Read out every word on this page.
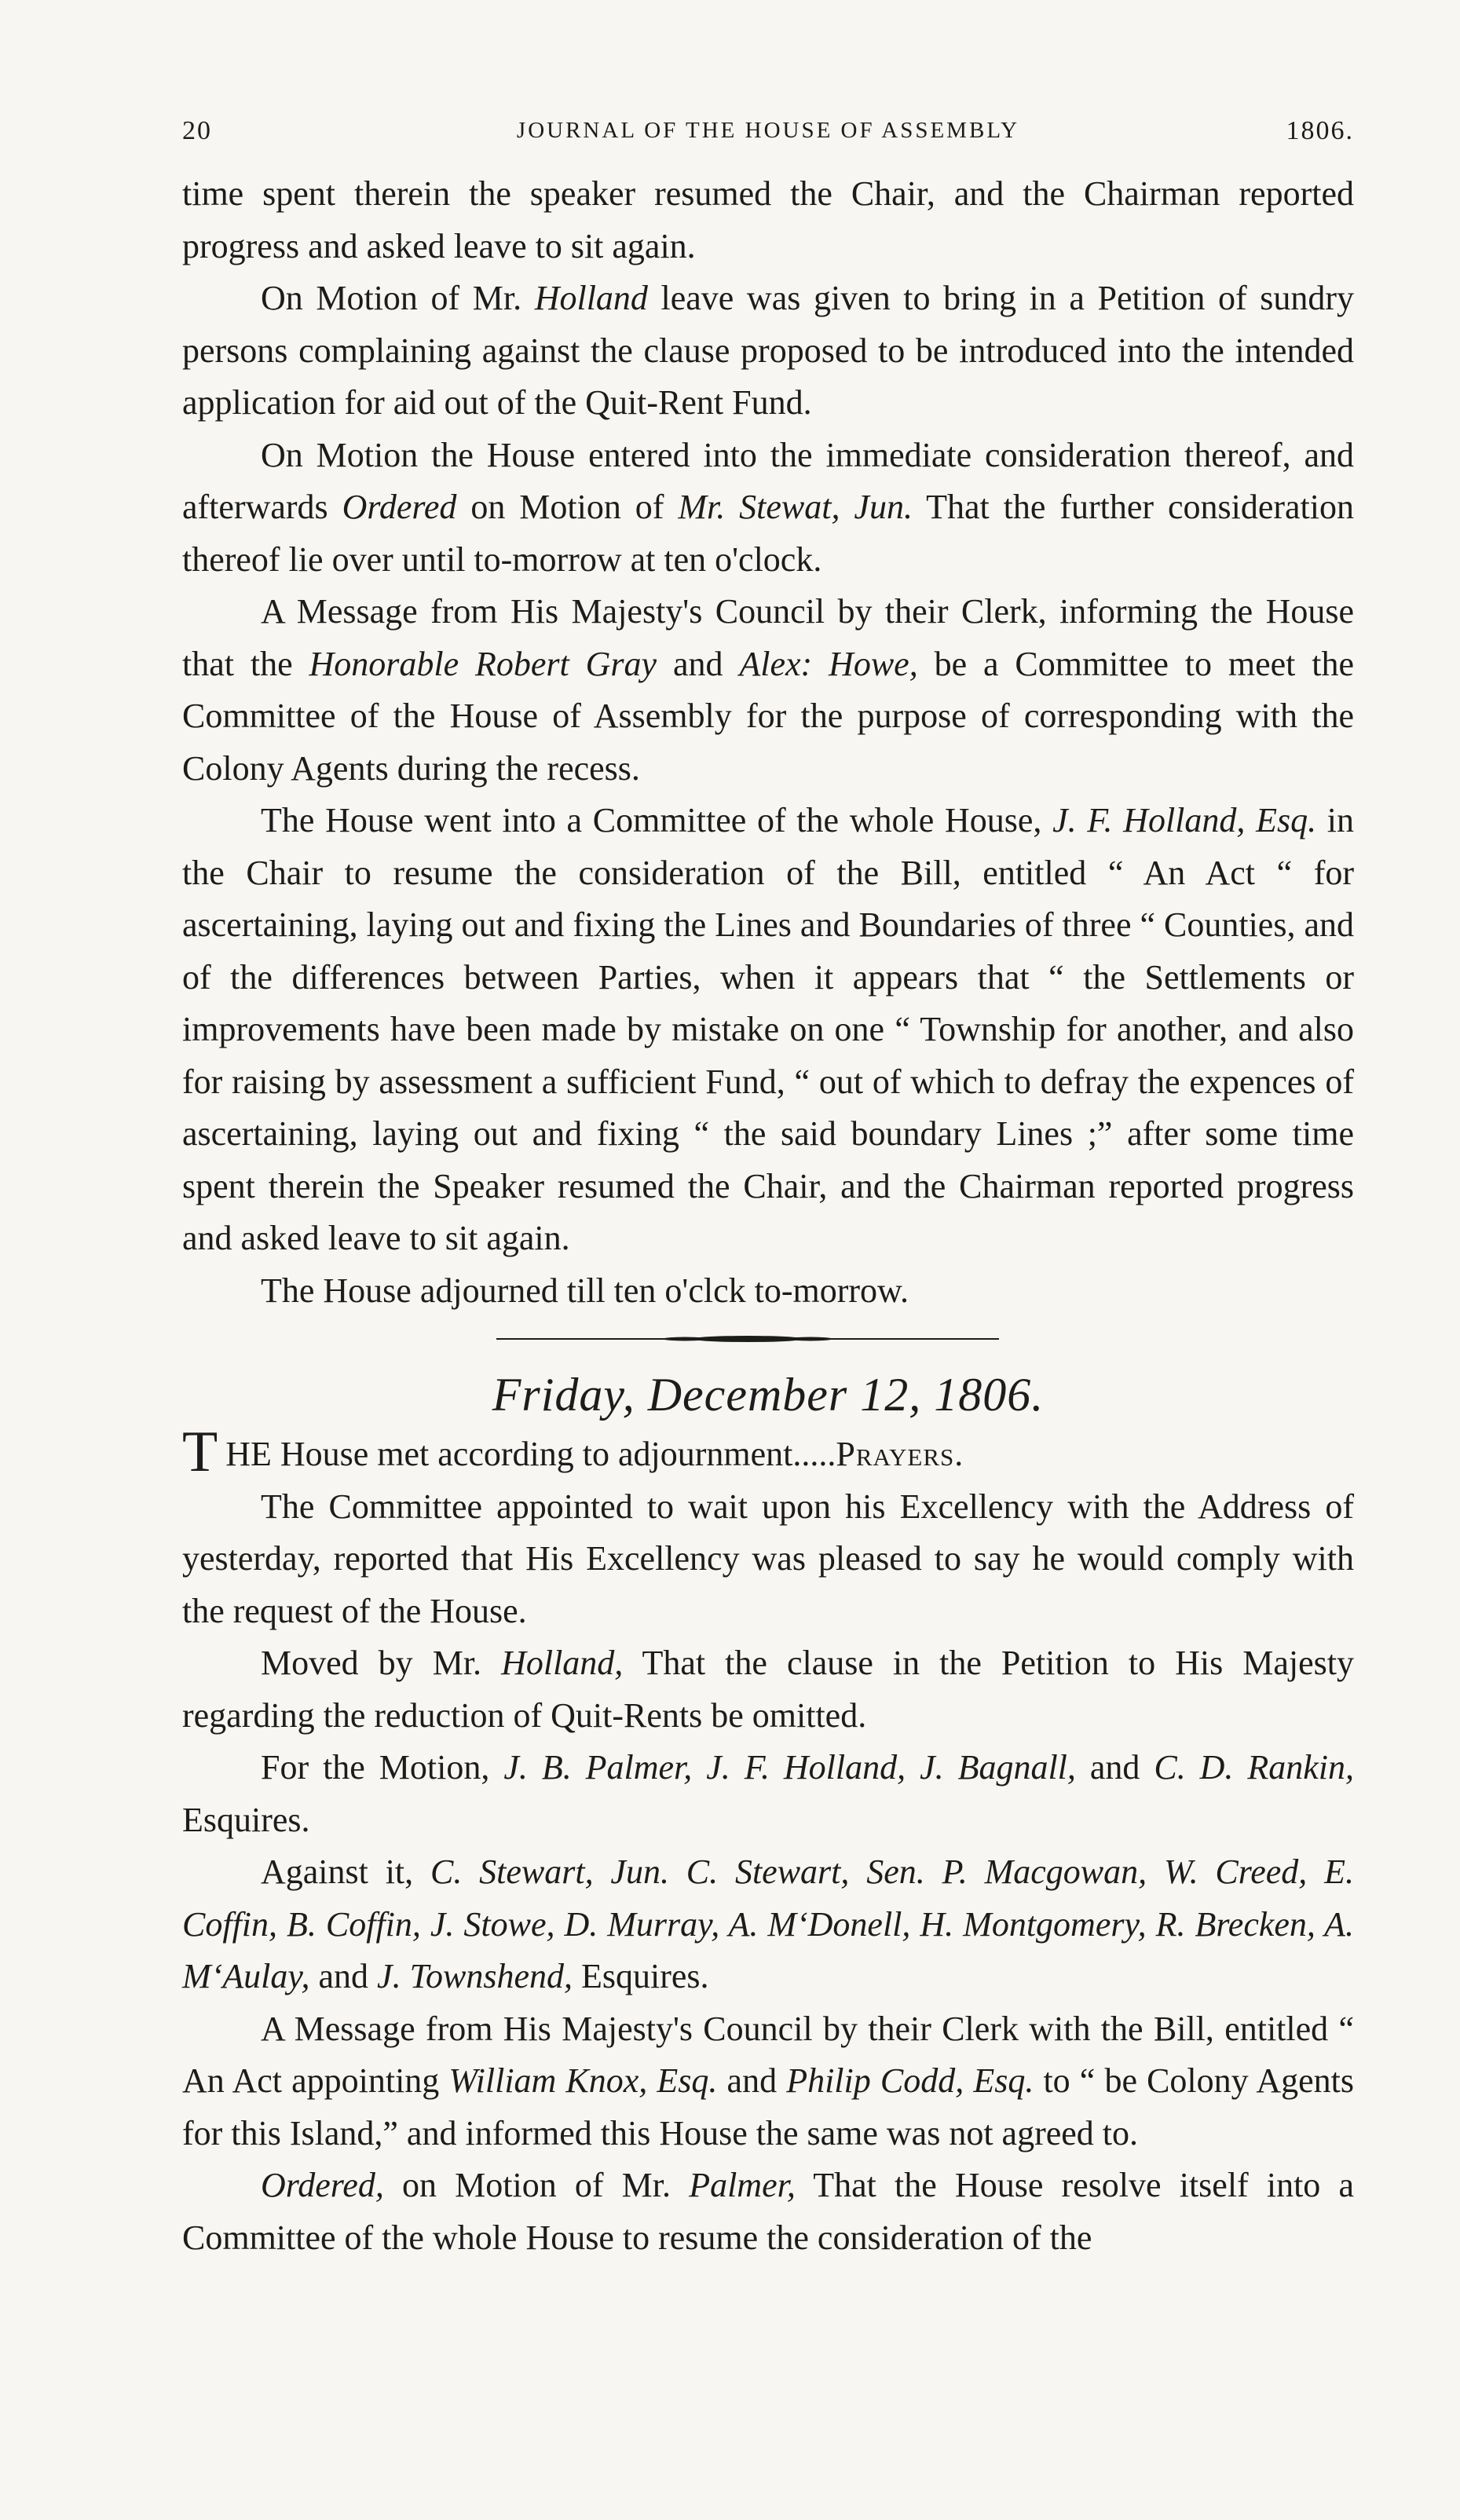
20	JOURNAL OF THE HOUSE OF ASSEMBLY	1806.

time spent therein the speaker resumed the Chair, and the Chairman reported progress and asked leave to sit again.

On Motion of Mr. Holland leave was given to bring in a Petition of sundry persons complaining against the clause proposed to be introduced into the intended application for aid out of the Quit-Rent Fund.

On Motion the House entered into the immediate consideration thereof, and afterwards Ordered on Motion of Mr. Stewat, Jun. That the further consideration thereof lie over until to-morrow at ten o'clock.

A Message from His Majesty's Council by their Clerk, informing the House that the Honorable Robert Gray and Alex: Howe, be a Committee to meet the Committee of the House of Assembly for the purpose of corresponding with the Colony Agents during the recess.

The House went into a Committee of the whole House, J. F. Holland, Esq. in the Chair to resume the consideration of the Bill, entitled “ An Act “ for ascertaining, laying out and fixing the Lines and Boundaries of three “ Counties, and of the differences between Parties, when it appears that “ the Settlements or improvements have been made by mistake on one “ Township for another, and also for raising by assessment a sufficient Fund, “ out of which to defray the expences of ascertaining, laying out and fixing “ the said boundary Lines ;” after some time spent therein the Speaker resumed the Chair, and the Chairman reported progress and asked leave to sit again.

The House adjourned till ten o'clck to-morrow.

Friday, December 12, 1806.

THE House met according to adjournment.....Prayers.

The Committee appointed to wait upon his Excellency with the Address of yesterday, reported that His Excellency was pleased to say he would comply with the request of the House.

Moved by Mr. Holland, That the clause in the Petition to His Majesty regarding the reduction of Quit-Rents be omitted.

For the Motion, J. B. Palmer, J. F. Holland, J. Bagnall, and C. D. Rankin, Esquires.

Against it, C. Stewart, Jun. C. Stewart, Sen. P. Macgowan, W. Creed, E. Coffin, B. Coffin, J. Stowe, D. Murray, A. M‘Donell, H. Montgomery, R. Brecken, A. M‘Aulay, and J. Townshend, Esquires.

A Message from His Majesty's Council by their Clerk with the Bill, entitled “ An Act appointing William Knox, Esq. and Philip Codd, Esq. to “ be Colony Agents for this Island,” and informed this House the same was not agreed to.

Ordered, on Motion of Mr. Palmer, That the House resolve itself into a Committee of the whole House to resume the consideration of the
